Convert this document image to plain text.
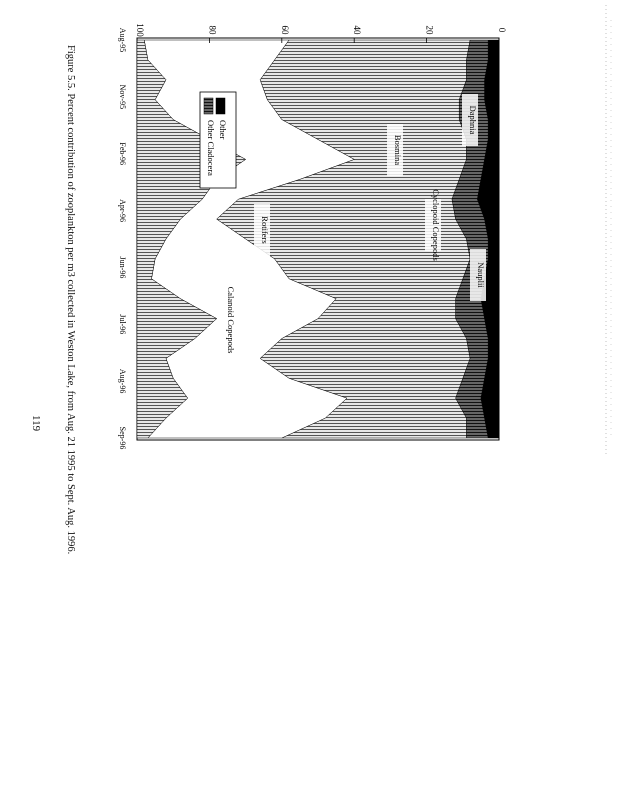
0
20
40
60
80
100
Aug-95
Nov-95
Feb-96
Apr-96
Jun-96
Jul-96
Aug-96
Sep-96
Daphnia
Bosmina
Calanoid Copepods
Rotifers	Cyclopoid Copepods
Nauplii
Other
Other Cladocera
Figure 5.5. Percent contribution of zooplankton per m3 collected in Weston Lake, from Aug. 21 1995 to Sept. Aug. 1996.
119
